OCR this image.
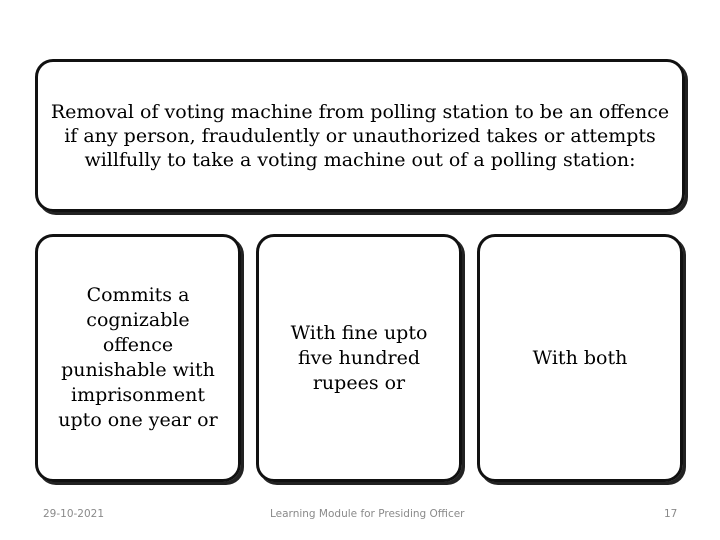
Removal of voting machine from polling station to be an offence if any person, fraudulently or unauthorized takes or attempts willfully to take a voting machine out of a polling station:
Commits a cognizable offence punishable with imprisonment upto one year or
With fine upto five hundred rupees or
With both
29-10-2021	Learning Module for Presiding Officer	17
